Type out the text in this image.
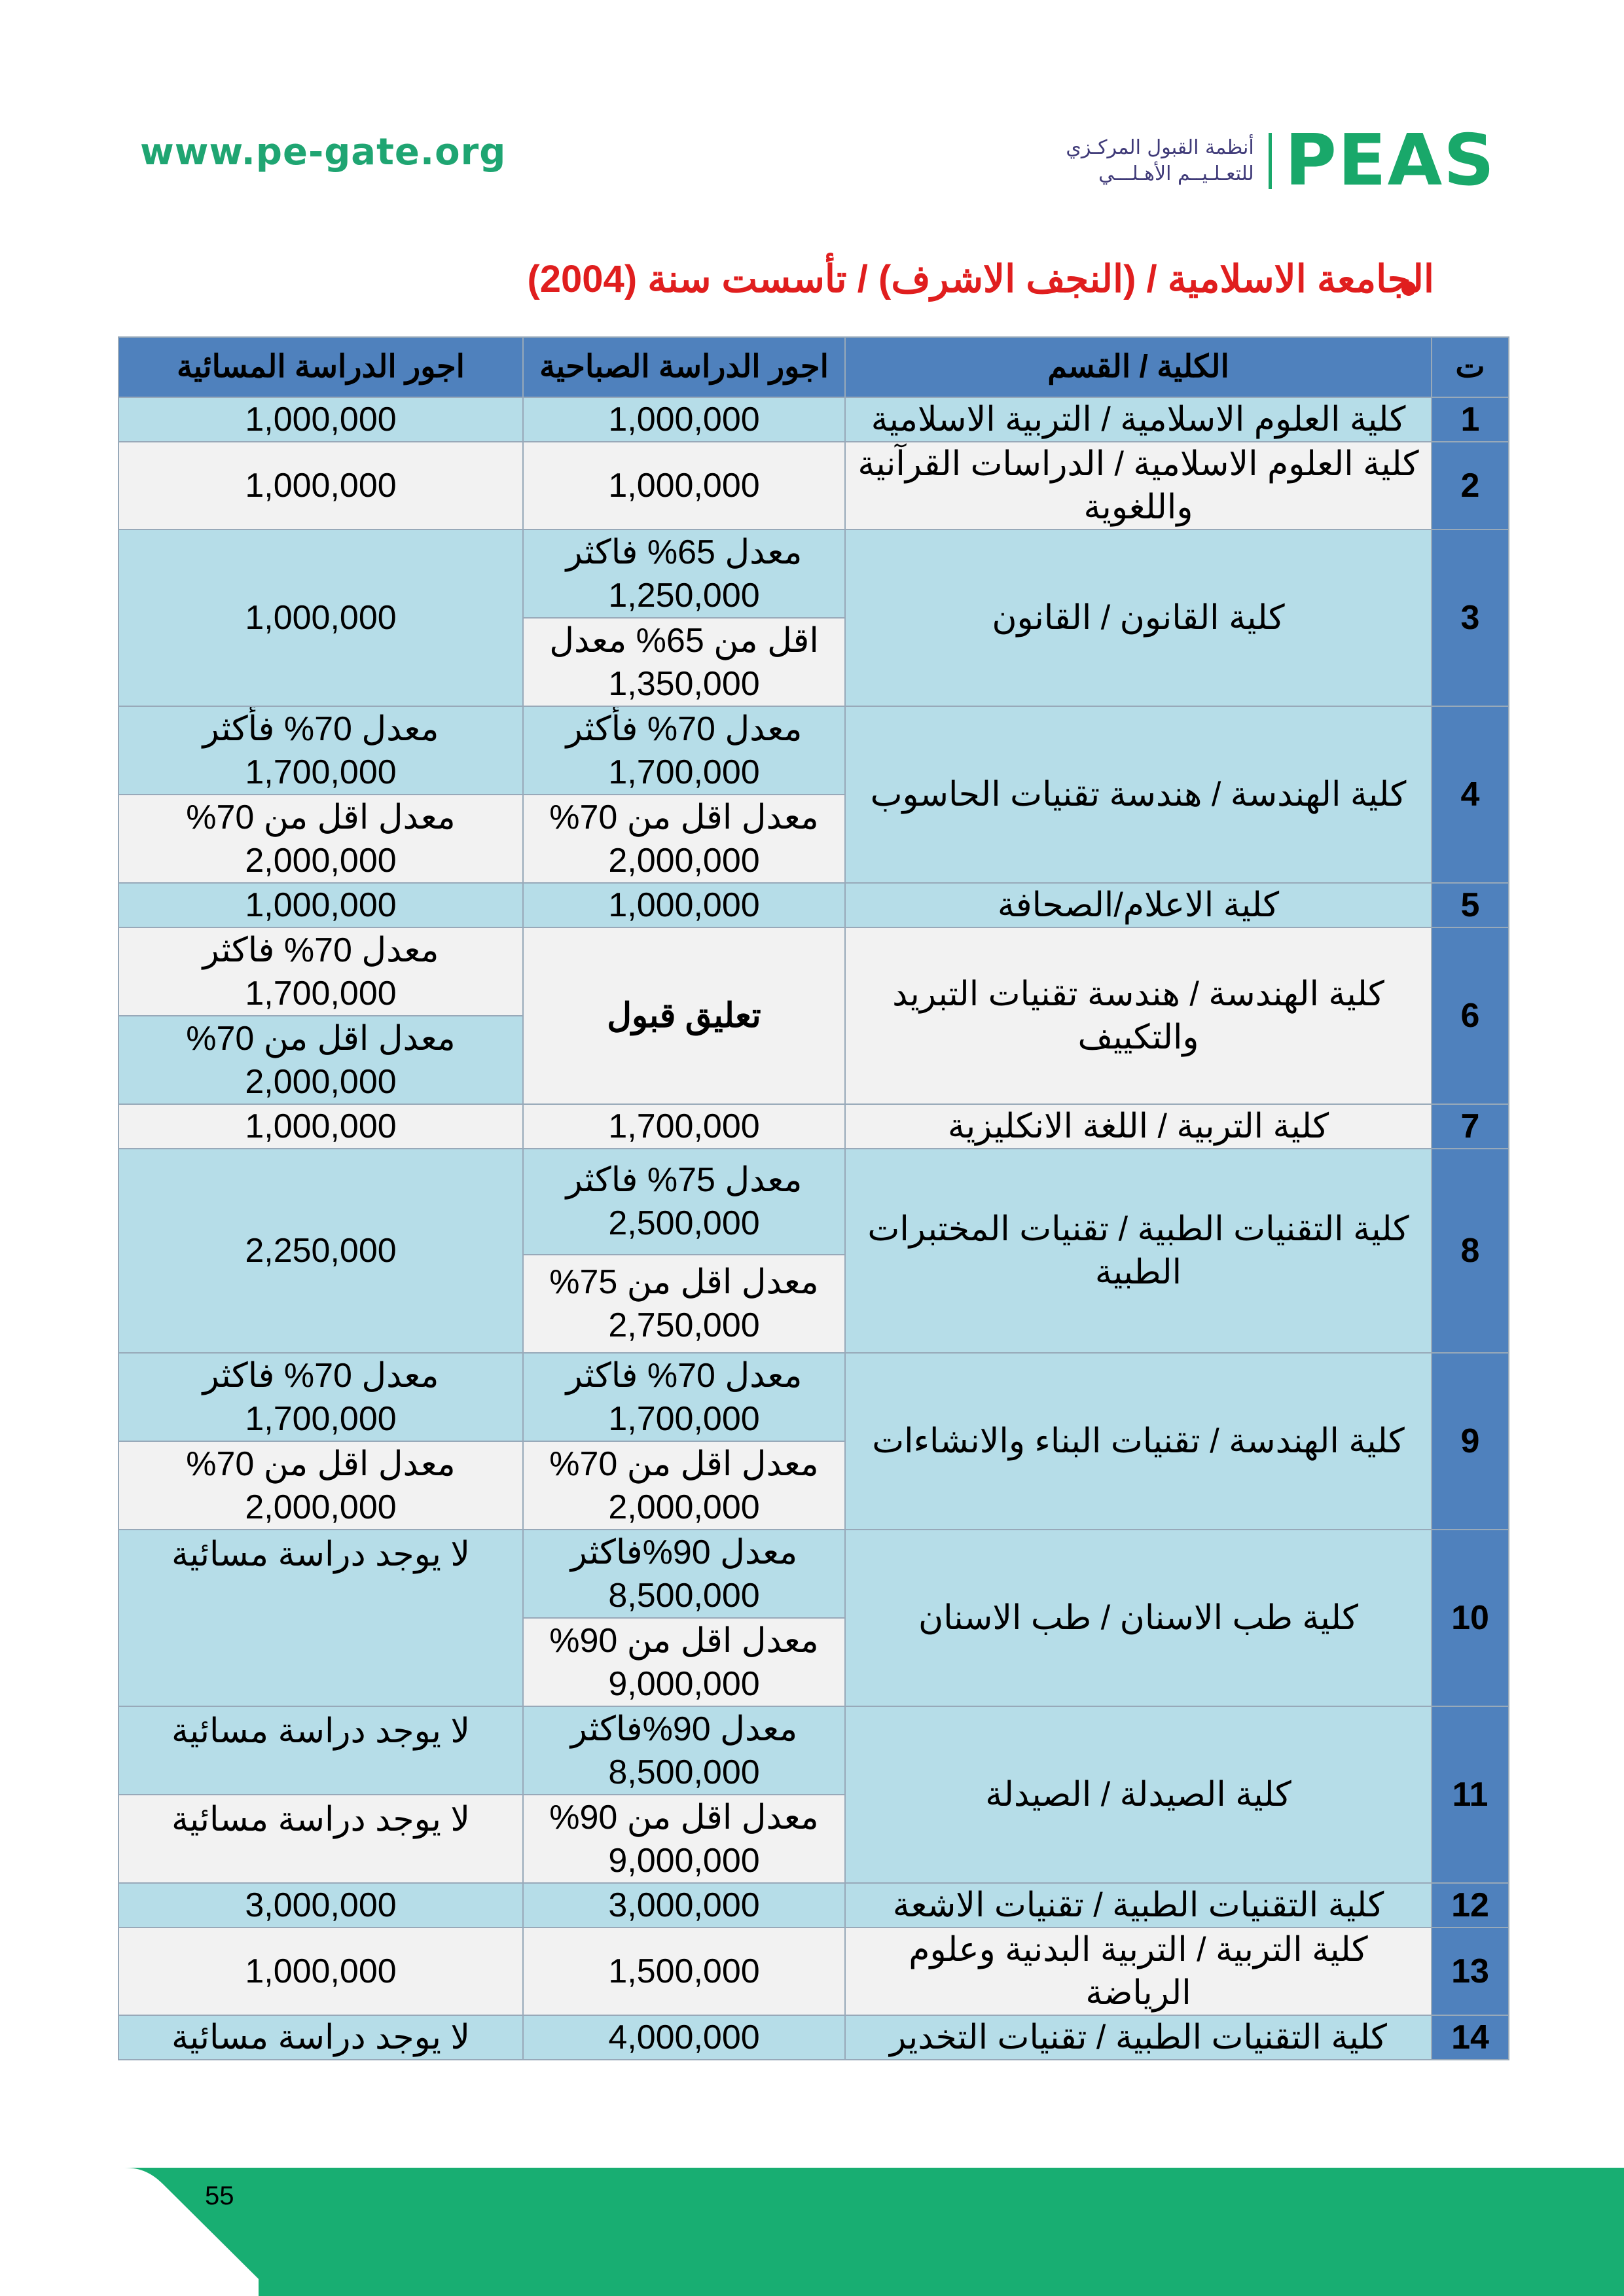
www.pe-gate.org	أنظمة القبول المركـزي
للتعـلـيــم الأهـلـــي PEAS
الجامعة الاسلامية / (النجف الاشرف) / تأسست سنة (2004)
ت	الكلية / القسم	اجور الدراسة الصباحية	اجور الدراسة المسائية
1	كلية العلوم الاسلامية / التربية الاسلامية	1,000,000	1,000,000
2	كلية العلوم الاسلامية / الدراسات القرآنية واللغوية	1,000,000	1,000,000
3	كلية القانون / القانون	معدل 65% فاكثر 1,250,000	1,000,000
		اقل من 65% معدل 1,350,000	
4	كلية الهندسة / هندسة تقنيات الحاسوب	معدل 70% فأكثر 1,700,000	معدل 70% فأكثر 1,700,000
		معدل اقل من 70% 2,000,000	معدل اقل من 70% 2,000,000
5	كلية الاعلام/الصحافة	1,000,000	1,000,000
6	كلية الهندسة / هندسة تقنيات التبريد والتكييف	تعليق قبول	معدل 70% فاكثر 1,700,000
			معدل اقل من 70% 2,000,000
7	كلية التربية / اللغة الانكليزية	1,700,000	1,000,000
8	كلية التقنيات الطبية / تقنيات المختبرات الطبية	معدل 75% فاكثر 2,500,000	2,250,000
		معدل اقل من 75% 2,750,000	
9	كلية الهندسة / تقنيات البناء والانشاءات	معدل 70% فاكثر 1,700,000	معدل 70% فاكثر 1,700,000
		معدل اقل من 70% 2,000,000	معدل اقل من 70% 2,000,000
10	كلية طب الاسنان / طب الاسنان	معدل 90%فاكثر 8,500,000	لا يوجد دراسة مسائية
		معدل اقل من 90% 9,000,000	
11	كلية الصيدلة / الصيدلة	معدل 90%فاكثر 8,500,000	لا يوجد دراسة مسائية
		معدل اقل من 90% 9,000,000	لا يوجد دراسة مسائية
12	كلية التقنيات الطبية / تقنيات الاشعة	3,000,000	3,000,000
13	كلية التربية / التربية البدنية وعلوم الرياضة	1,500,000	1,000,000
14	كلية التقنيات الطبية / تقنيات التخدير	4,000,000	لا يوجد دراسة مسائية
55
